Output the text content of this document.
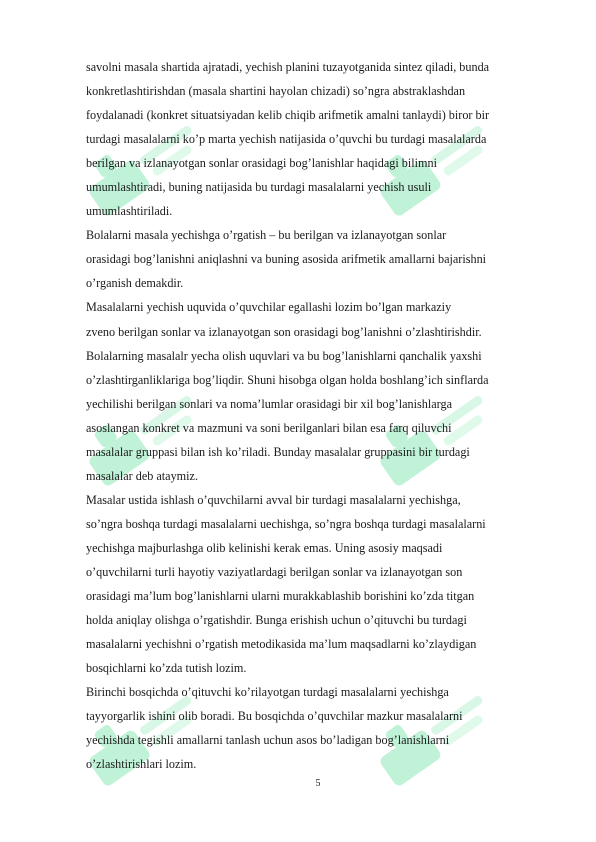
savolni masala shartida ajratadi, yechish planini tuzayotganida sintez qiladi, bunda
konkretlashtirishdan (masala shartini hayolan chizadi) so’ngra abstraklashdan
foydalanadi (konkret situatsiyadan kelib chiqib arifmetik amalni tanlaydi) biror bir
turdagi masalalarni ko’p marta yechish natijasida o’quvchi bu turdagi masalalarda
berilgan va izlanayotgan sonlar orasidagi bog’lanishlar haqidagi bilimni
umumlashtiradi, buning natijasida bu turdagi masalalarni yechish usuli
umumlashtiriladi.
Bolalarni masala yechishga o’rgatish – bu berilgan va izlanayotgan sonlar
orasidagi bog’lanishni aniqlashni va buning asosida arifmetik amallarni bajarishni
o’rganish demakdir.
Masalalarni yechish uquvida o’quvchilar egallashi lozim bo’lgan markaziy
zveno berilgan sonlar va izlanayotgan son orasidagi bog’lanishni o’zlashtirishdir.
Bolalarning masalalr yecha olish uquvlari va bu bog’lanishlarni qanchalik yaxshi
o’zlashtirganliklariga bog’liqdir. Shuni hisobga olgan holda boshlang’ich sinflarda
yechilishi berilgan sonlari va noma’lumlar orasidagi bir xil bog’lanishlarga
asoslangan konkret va mazmuni va soni berilganlari bilan esa farq qiluvchi
masalalar gruppasi bilan ish ko’riladi. Bunday masalalar gruppasini bir turdagi
masalalar deb ataymiz.
Masalar ustida ishlash o’quvchilarni avval bir turdagi masalalarni yechishga,
so’ngra boshqa turdagi masalalarni uechishga, so’ngra boshqa turdagi masalalarni
yechishga majburlashga olib kelinishi kerak emas. Uning asosiy maqsadi
o’quvchilarni turli hayotiy vaziyatlardagi berilgan sonlar va izlanayotgan son
orasidagi ma’lum bog’lanishlarni ularni murakkablashib borishini ko’zda titgan
holda aniqlay olishga o’rgatishdir. Bunga erishish uchun o’qituvchi bu turdagi
masalalarni yechishni o’rgatish metodikasida ma’lum maqsadlarni ko’zlaydigan
bosqichlarni ko’zda tutish lozim.
Birinchi bosqichda o’qituvchi ko’rilayotgan turdagi masalalarni yechishga
tayyorgarlik ishini olib boradi. Bu bosqichda o’quvchilar mazkur masalalarni
yechishda tegishli amallarni tanlash uchun asos bo’ladigan bog’lanishlarni
o’zlashtirishlari lozim.
5
